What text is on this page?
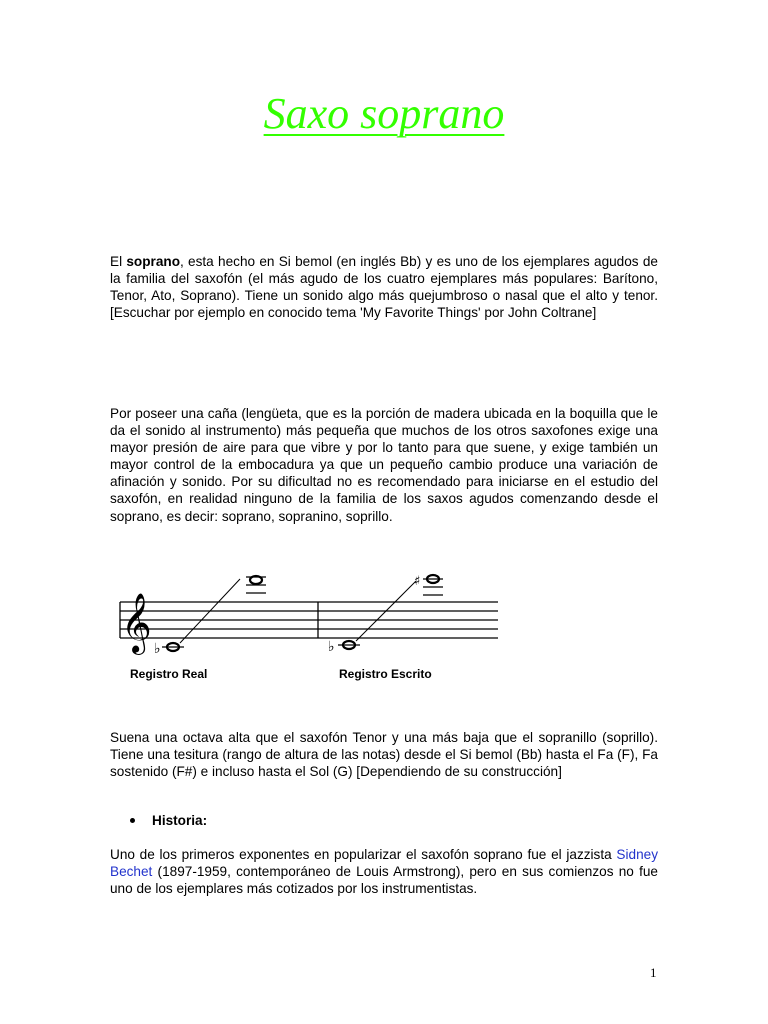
Saxo soprano

El soprano, esta hecho en Si bemol (en inglés Bb) y es uno de los ejemplares agudos de la familia del saxofón (el más agudo de los cuatro ejemplares más populares: Barítono, Tenor, Ato, Soprano). Tiene un sonido algo más quejumbroso o nasal que el alto y tenor. [Escuchar por ejemplo en conocido tema 'My Favorite Things' por John Coltrane]

Por poseer una caña (lengüeta, que es la porción de madera ubicada en la boquilla que le da el sonido al instrumento) más pequeña que muchos de los otros saxofones exige una mayor presión de aire para que vibre y por lo tanto para que suene, y exige también un mayor control de la embocadura ya que un pequeño cambio produce una variación de afinación y sonido. Por su dificultad no es recomendado para iniciarse en el estudio del saxofón, en realidad ninguno de la familia de los saxos agudos comenzando desde el soprano, es decir: soprano, sopranino, soprillo.

𝄞 ♭	♭
♯
Registro Real	Registro Escrito

Suena una octava alta que el saxofón Tenor y una más baja que el sopranillo (soprillo). Tiene una tesitura (rango de altura de las notas) desde el Si bemol (Bb) hasta el Fa (F), Fa sostenido (F#) e incluso hasta el Sol (G) [Dependiendo de su construcción]

Historia:

Uno de los primeros exponentes en popularizar el saxofón soprano fue el jazzista Sidney Bechet (1897-1959, contemporáneo de Louis Armstrong), pero en sus comienzos no fue uno de los ejemplares más cotizados por los instrumentistas.

1
